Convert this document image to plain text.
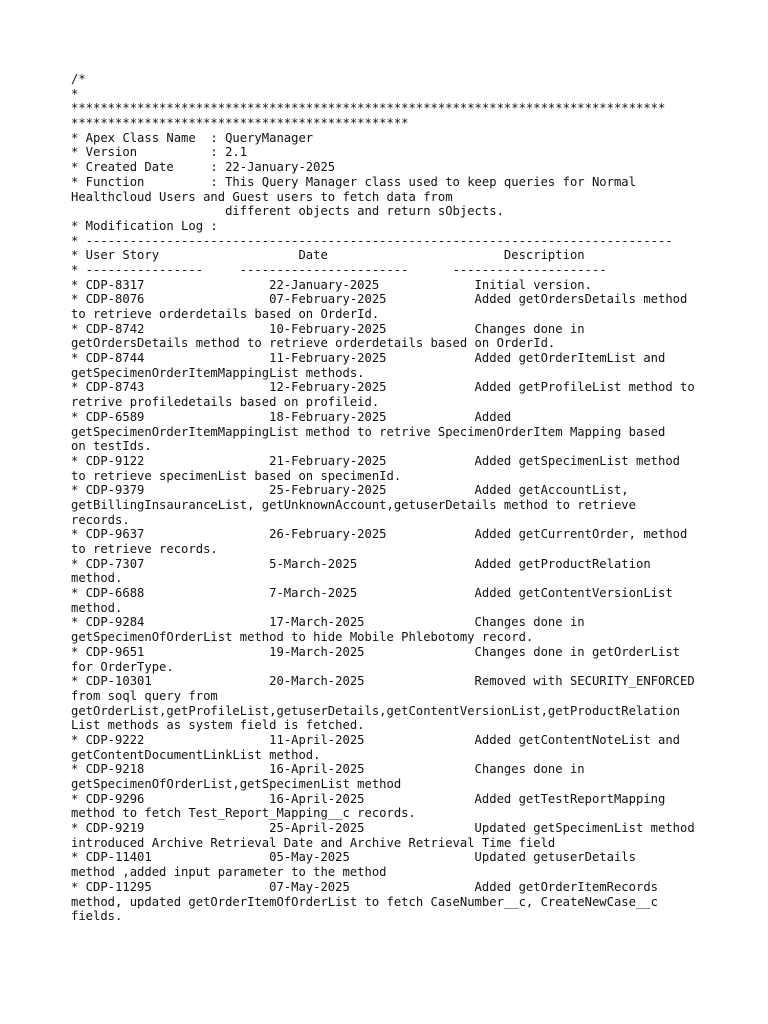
/*
*
*********************************************************************************
**********************************************
* Apex Class Name  : QueryManager
* Version          : 2.1
* Created Date     : 22-January-2025
* Function         : This Query Manager class used to keep queries for Normal
Healthcloud Users and Guest users to fetch data from
different objects and return sObjects.
* Modification Log :
* --------------------------------------------------------------------------------
* User Story                   Date                        Description
* ----------------     -----------------------      ---------------------
* CDP-8317                 22-January-2025             Initial version.
* CDP-8076                 07-February-2025            Added getOrdersDetails method
to retrieve orderdetails based on OrderId.
* CDP-8742                 10-February-2025            Changes done in
getOrdersDetails method to retrieve orderdetails based on OrderId.
* CDP-8744                 11-February-2025            Added getOrderItemList and
getSpecimenOrderItemMappingList methods.
* CDP-8743                 12-February-2025            Added getProfileList method to
retrive profiledetails based on profileid.
* CDP-6589                 18-February-2025            Added
getSpecimenOrderItemMappingList method to retrive SpecimenOrderItem Mapping based
on testIds.
* CDP-9122                 21-February-2025            Added getSpecimenList method
to retrieve specimenList based on specimenId.
* CDP-9379                 25-February-2025            Added getAccountList,
getBillingInsauranceList, getUnknownAccount,getuserDetails method to retrieve
records.
* CDP-9637                 26-February-2025            Added getCurrentOrder, method
to retrieve records.
* CDP-7307                 5-March-2025                Added getProductRelation
method.
* CDP-6688                 7-March-2025                Added getContentVersionList
method.
* CDP-9284                 17-March-2025               Changes done in
getSpecimenOfOrderList method to hide Mobile Phlebotomy record.
* CDP-9651                 19-March-2025               Changes done in getOrderList
for OrderType.
* CDP-10301                20-March-2025               Removed with SECURITY_ENFORCED
from soql query from
getOrderList,getProfileList,getuserDetails,getContentVersionList,getProductRelation
List methods as system field is fetched.
* CDP-9222                 11-April-2025               Added getContentNoteList and
getContentDocumentLinkList method.
* CDP-9218                 16-April-2025               Changes done in
getSpecimenOfOrderList,getSpecimenList method
* CDP-9296                 16-April-2025               Added getTestReportMapping
method to fetch Test_Report_Mapping__c records.
* CDP-9219                 25-April-2025               Updated getSpecimenList method
introduced Archive Retrieval Date and Archive Retrieval Time field
* CDP-11401                05-May-2025                 Updated getuserDetails
method ,added input parameter to the method
* CDP-11295                07-May-2025                 Added getOrderItemRecords
method, updated getOrderItemOfOrderList to fetch CaseNumber__c, CreateNewCase__c
fields.
